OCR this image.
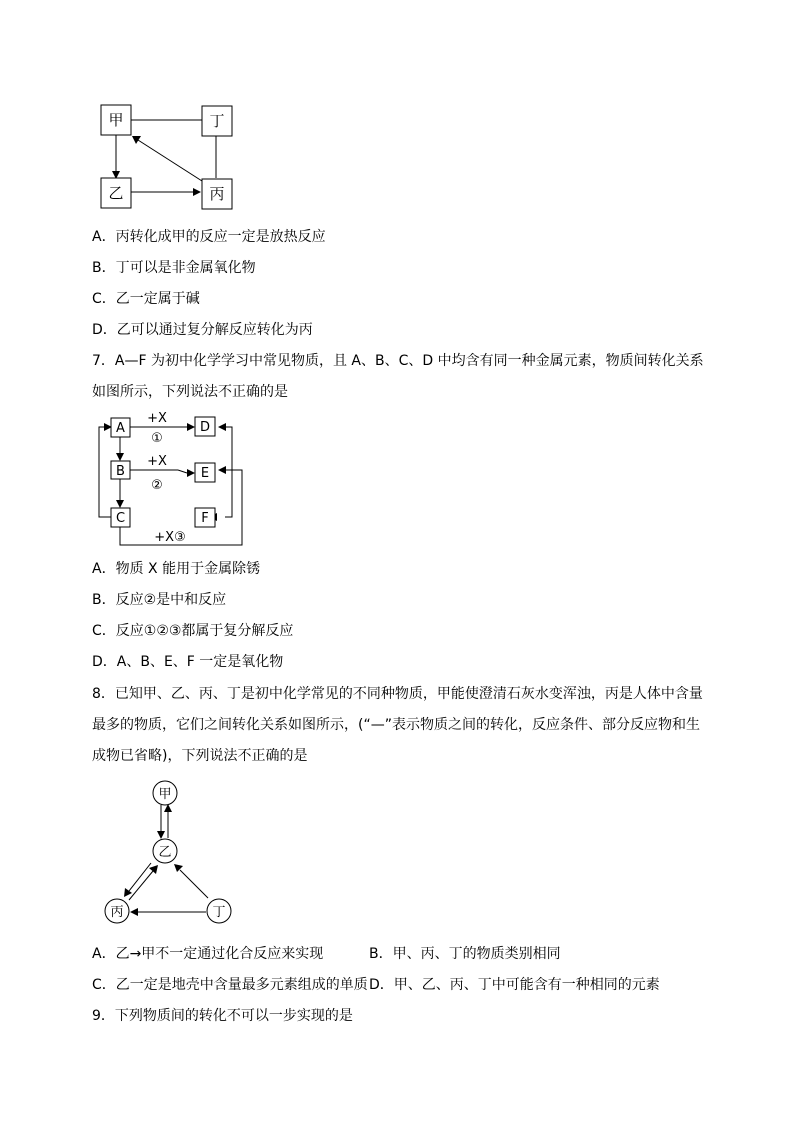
甲	丁
乙	丙
A．丙转化成甲的反应一定是放热反应
B．丁可以是非金属氧化物
C．乙一定属于碱
D．乙可以通过复分解反应转化为丙
7．A—F 为初中化学学习中常见物质，且 A、B、C、D 中均含有同一种金属元素，物质间转化关系
如图所示，下列说法不正确的是
A
B
C
D
E
F
+X
①
+X
②
+X③
A．物质 X 能用于金属除锈
B．反应②是中和反应
C．反应①②③都属于复分解反应
D．A、B、E、F 一定是氧化物
8．已知甲、乙、丙、丁是初中化学常见的不同种物质，甲能使澄清石灰水变浑浊，丙是人体中含量
最多的物质，它们之间转化关系如图所示，(“—”表示物质之间的转化，反应条件、部分反应物和生
成物已省略)，下列说法不正确的是
甲
乙
丙	丁
A．乙→甲不一定通过化合反应来实现	B．甲、丙、丁的物质类别相同
C．乙一定是地壳中含量最多元素组成的单质 D．甲、乙、丙、丁中可能含有一种相同的元素
9．下列物质间的转化不可以一步实现的是
